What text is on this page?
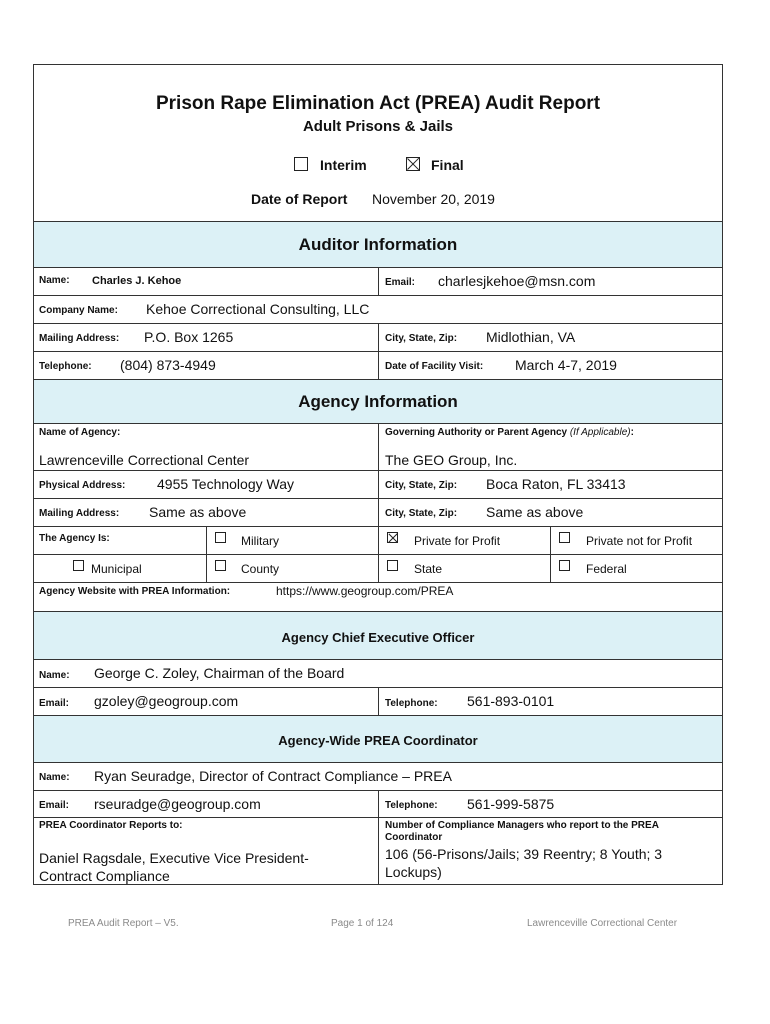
Prison Rape Elimination Act (PREA) Audit Report
Adult Prisons & Jails
Interim	Final
Date of Report November 20, 2019
Auditor Information
Name: Charles J. Kehoe	Email: charlesjkehoe@msn.com
Company Name: Kehoe Correctional Consulting, LLC
Mailing Address: P.O. Box 1265	City, State, Zip: Midlothian, VA
Telephone: (804) 873-4949	Date of Facility Visit: March 4-7, 2019
Agency Information
Name of Agency:	Governing Authority or Parent Agency (If Applicable):
Lawrenceville Correctional Center	The GEO Group, Inc.
Physical Address: 4955 Technology Way	City, State, Zip: Boca Raton, FL 33413
Mailing Address: Same as above	City, State, Zip: Same as above
The Agency Is:	Military	Private for Profit	Private not for Profit
Municipal	County	State	Federal
Agency Website with PREA Information:	https://www.geogroup.com/PREA
Agency Chief Executive Officer
Name: George C. Zoley, Chairman of the Board
Email: gzoley@geogroup.com	Telephone: 561-893-0101
Agency-Wide PREA Coordinator
Name: Ryan Seuradge, Director of Contract Compliance – PREA
Email: rseuradge@geogroup.com	Telephone: 561-999-5875
PREA Coordinator Reports to:
Daniel Ragsdale, Executive Vice President-
Contract Compliance
Number of Compliance Managers who report to the PREA
Coordinator
106 (56-Prisons/Jails; 39 Reentry; 8 Youth; 3
Lockups)
PREA Audit Report – V5.	Page 1 of 124	Lawrenceville Correctional Center
